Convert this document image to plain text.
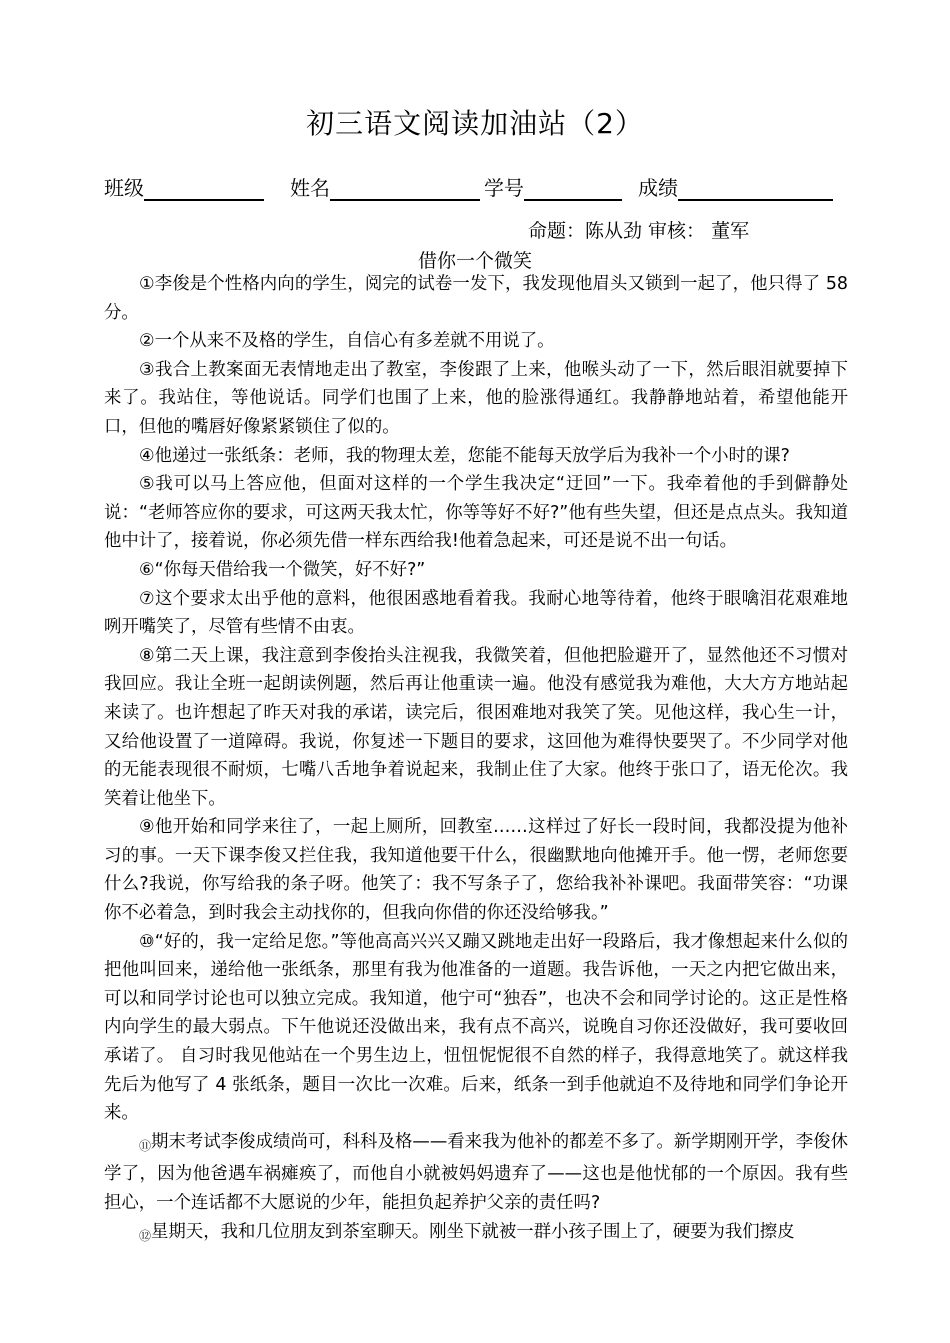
初三语文阅读加油站（2）
班级	姓名	学号	成绩
命题：陈从劲 审核： 董军
借你一个微笑

①李俊是个性格内向的学生，阅完的试卷一发下，我发现他眉头又锁到一起了，他只得了 58 分。

②一个从来不及格的学生，自信心有多差就不用说了。

③我合上教案面无表情地走出了教室，李俊跟了上来，他喉头动了一下，然后眼泪就要掉下来了。我站住，等他说话。同学们也围了上来，他的脸涨得通红。我静静地站着，希望他能开口，但他的嘴唇好像紧紧锁住了似的。

④他递过一张纸条：老师，我的物理太差，您能不能每天放学后为我补一个小时的课?

⑤我可以马上答应他，但面对这样的一个学生我决定“迂回”一下。我牵着他的手到僻静处说：“老师答应你的要求，可这两天我太忙，你等等好不好?”他有些失望，但还是点点头。我知道他中计了，接着说，你必须先借一样东西给我!他着急起来，可还是说不出一句话。

⑥“你每天借给我一个微笑，好不好?”

⑦这个要求太出乎他的意料，他很困惑地看着我。我耐心地等待着，他终于眼噙泪花艰难地咧开嘴笑了，尽管有些情不由衷。

⑧第二天上课，我注意到李俊抬头注视我，我微笑着，但他把脸避开了，显然他还不习惯对我回应。我让全班一起朗读例题，然后再让他重读一遍。他没有感觉我为难他，大大方方地站起来读了。也许想起了昨天对我的承诺，读完后，很困难地对我笑了笑。见他这样，我心生一计，又给他设置了一道障碍。我说，你复述一下题目的要求，这回他为难得快要哭了。不少同学对他的无能表现很不耐烦，七嘴八舌地争着说起来，我制止住了大家。他终于张口了，语无伦次。我笑着让他坐下。

⑨他开始和同学来往了，一起上厕所，回教室……这样过了好长一段时间，我都没提为他补习的事。一天下课李俊又拦住我，我知道他要干什么，很幽默地向他摊开手。他一愣，老师您要什么?我说，你写给我的条子呀。他笑了：我不写条子了，您给我补补课吧。我面带笑容：“功课你不必着急，到时我会主动找你的，但我向你借的你还没给够我。”

⑩“好的，我一定给足您。”等他高高兴兴又蹦又跳地走出好一段路后，我才像想起来什么似的把他叫回来，递给他一张纸条，那里有我为他准备的一道题。我告诉他，一天之内把它做出来，可以和同学讨论也可以独立完成。我知道，他宁可“独吞”，也决不会和同学讨论的。这正是性格内向学生的最大弱点。下午他说还没做出来，我有点不高兴，说晚自习你还没做好，我可要收回承诺了。 自习时我见他站在一个男生边上，忸忸怩怩很不自然的样子，我得意地笑了。就这样我先后为他写了 4 张纸条，题目一次比一次难。后来，纸条一到手他就迫不及待地和同学们争论开来。

⑪期末考试李俊成绩尚可，科科及格——看来我为他补的都差不多了。新学期刚开学，李俊休学了，因为他爸遇车祸瘫痪了，而他自小就被妈妈遗弃了——这也是他忧郁的一个原因。我有些担心，一个连话都不大愿说的少年，能担负起养护父亲的责任吗?

⑫星期天，我和几位朋友到茶室聊天。刚坐下就被一群小孩子围上了，硬要为我们擦皮
